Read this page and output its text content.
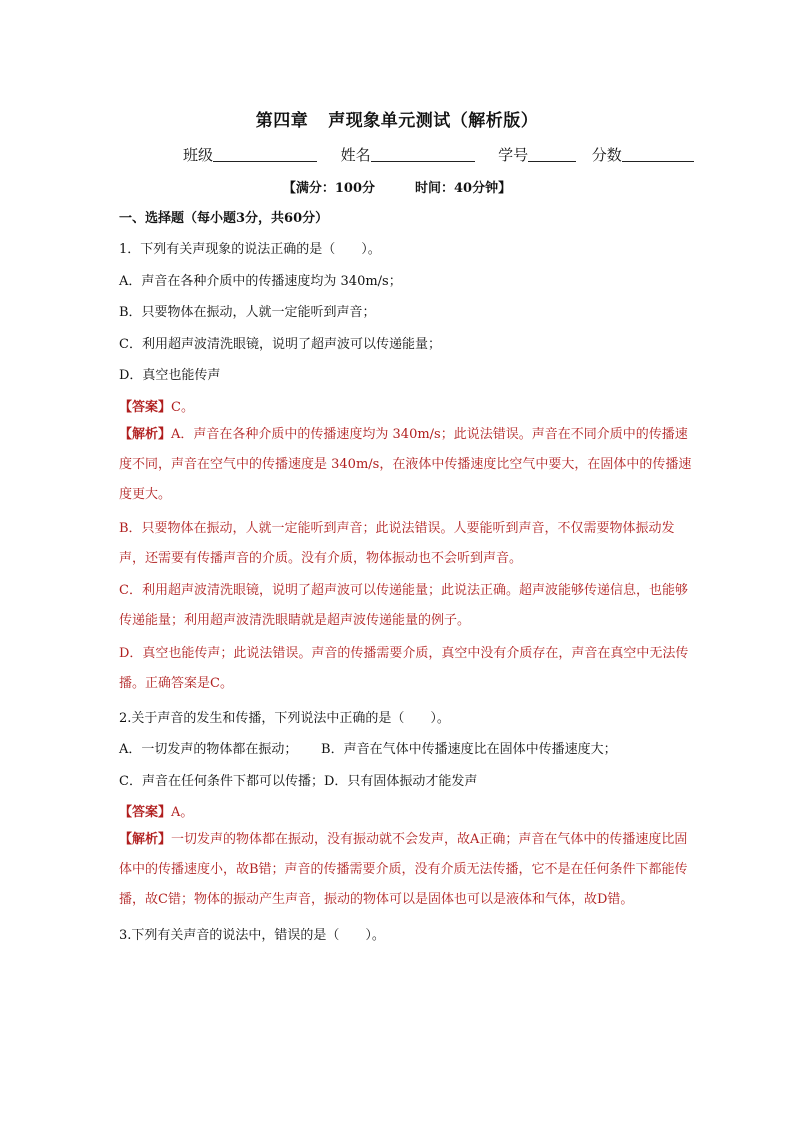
第四章 声现象单元测试（解析版）
班级	姓名	学号	分数
【满分：100分	时间：40分钟】
一、选择题（每小题3分，共60分）
1．下列有关声现象的说法正确的是（　　）。
A．声音在各种介质中的传播速度均为 340m/s；
B．只要物体在振动，人就一定能听到声音；
C．利用超声波清洗眼镜，说明了超声波可以传递能量；
D．真空也能传声
【答案】C。
【解析】A．声音在各种介质中的传播速度均为 340m/s；此说法错误。声音在不同介质中的传播速度不同，声音在空气中的传播速度是 340m/s，在液体中传播速度比空气中要大，在固体中的传播速度更大。
B．只要物体在振动，人就一定能听到声音；此说法错误。人要能听到声音，不仅需要物体振动发声，还需要有传播声音的介质。没有介质，物体振动也不会听到声音。
C．利用超声波清洗眼镜，说明了超声波可以传递能量；此说法正确。超声波能够传递信息，也能够传递能量；利用超声波清洗眼睛就是超声波传递能量的例子。
D．真空也能传声；此说法错误。声音的传播需要介质，真空中没有介质存在，声音在真空中无法传播。正确答案是C。
2.关于声音的发生和传播，下列说法中正确的是（　　）。
A．一切发声的物体都在振动；　　 B．声音在气体中传播速度比在固体中传播速度大；
C．声音在任何条件下都可以传播；D．只有固体振动才能发声
【答案】A。
【解析】一切发声的物体都在振动，没有振动就不会发声，故A正确；声音在气体中的传播速度比固体中的传播速度小，故B错；声音的传播需要介质，没有介质无法传播，它不是在任何条件下都能传播，故C错；物体的振动产生声音，振动的物体可以是固体也可以是液体和气体，故D错。
3.下列有关声音的说法中，错误的是（　　）。
